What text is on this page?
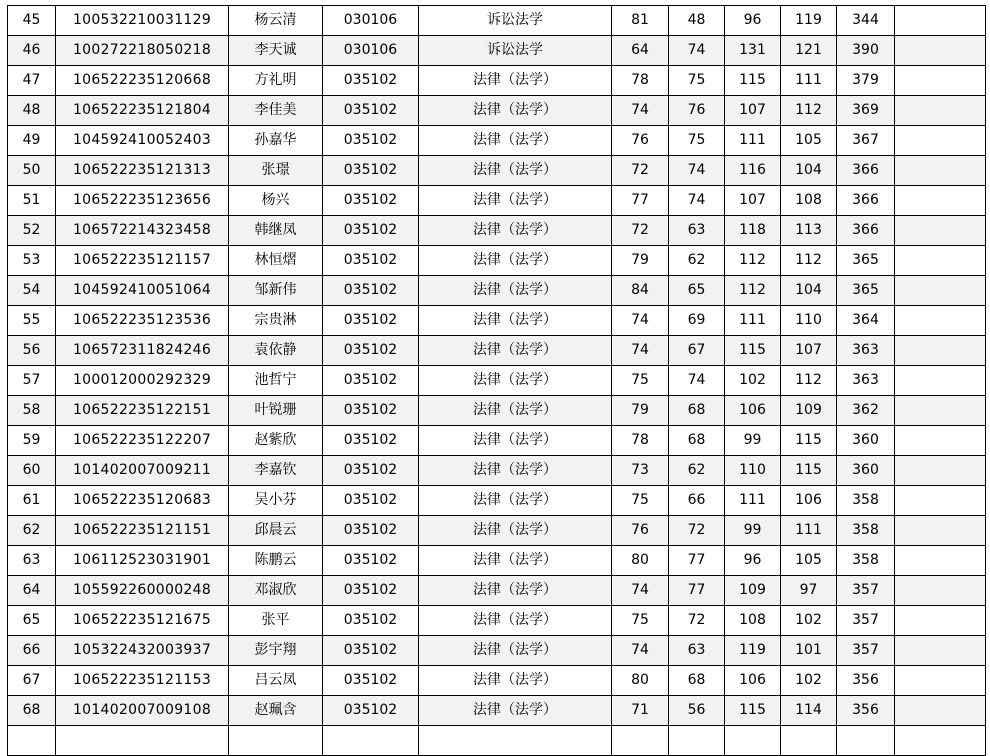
45	100532210031129	杨云清	030106	诉讼法学	81	48	96	119	344	
46	100272218050218	李天诚	030106	诉讼法学	64	74	131	121	390	
47	106522235120668	方礼明	035102	法律（法学）	78	75	115	111	379	
48	106522235121804	李佳美	035102	法律（法学）	74	76	107	112	369	
49	104592410052403	孙嘉华	035102	法律（法学）	76	75	111	105	367	
50	106522235121313	张璟	035102	法律（法学）	72	74	116	104	366	
51	106522235123656	杨兴	035102	法律（法学）	77	74	107	108	366	
52	106572214323458	韩继凤	035102	法律（法学）	72	63	118	113	366	
53	106522235121157	林恒熠	035102	法律（法学）	79	62	112	112	365	
54	104592410051064	邹新伟	035102	法律（法学）	84	65	112	104	365	
55	106522235123536	宗贵淋	035102	法律（法学）	74	69	111	110	364	
56	106572311824246	袁依静	035102	法律（法学）	74	67	115	107	363	
57	100012000292329	池哲宁	035102	法律（法学）	75	74	102	112	363	
58	106522235122151	叶锐珊	035102	法律（法学）	79	68	106	109	362	
59	106522235122207	赵紫欣	035102	法律（法学）	78	68	99	115	360	
60	101402007009211	李嘉钦	035102	法律（法学）	73	62	110	115	360	
61	106522235120683	吴小芬	035102	法律（法学）	75	66	111	106	358	
62	106522235121151	邱晨云	035102	法律（法学）	76	72	99	111	358	
63	106112523031901	陈鹏云	035102	法律（法学）	80	77	96	105	358	
64	105592260000248	邓淑欣	035102	法律（法学）	74	77	109	97	357	
65	106522235121675	张平	035102	法律（法学）	75	72	108	102	357	
66	105322432003937	彭宇翔	035102	法律（法学）	74	63	119	101	357	
67	106522235121153	吕云凤	035102	法律（法学）	80	68	106	102	356	
68	101402007009108	赵珮含	035102	法律（法学）	71	56	115	114	356	
